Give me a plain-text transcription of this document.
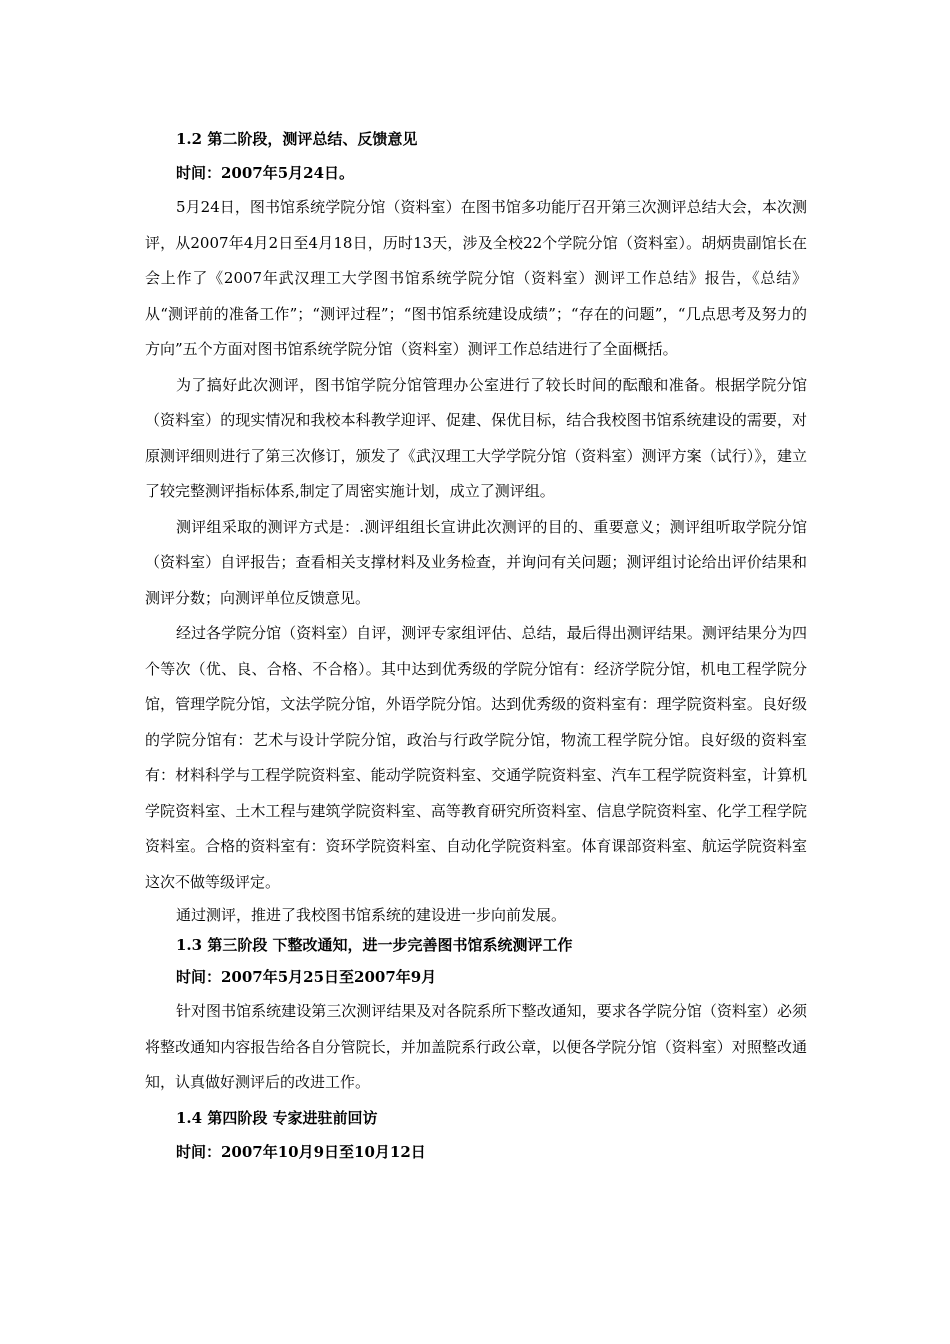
1.2 第二阶段，测评总结、反馈意见

时间：2007年5月24日。

5月24日，图书馆系统学院分馆（资料室）在图书馆多功能厅召开第三次测评总结大会，本次测评，从2007年4月2日至4月18日，历时13天，涉及全校22个学院分馆（资料室）。胡炳贵副馆长在会上作了《2007年武汉理工大学图书馆系统学院分馆（资料室）测评工作总结》报告，《总结》从“测评前的准备工作”；“测评过程”；“图书馆系统建设成绩”；“存在的问题”，“几点思考及努力的方向”五个方面对图书馆系统学院分馆（资料室）测评工作总结进行了全面概括。

为了搞好此次测评，图书馆学院分馆管理办公室进行了较长时间的酝酿和准备。根据学院分馆（资料室）的现实情况和我校本科教学迎评、促建、保优目标，结合我校图书馆系统建设的需要，对原测评细则进行了第三次修订，颁发了《武汉理工大学学院分馆（资料室）测评方案（试行）》，建立了较完整测评指标体系,制定了周密实施计划，成立了测评组。

测评组采取的测评方式是：.测评组组长宣讲此次测评的目的、重要意义；测评组听取学院分馆（资料室）自评报告；查看相关支撑材料及业务检查，并询问有关问题；测评组讨论给出评价结果和测评分数；向测评单位反馈意见。

经过各学院分馆（资料室）自评，测评专家组评估、总结，最后得出测评结果。测评结果分为四个等次（优、良、合格、不合格）。其中达到优秀级的学院分馆有：经济学院分馆，机电工程学院分馆，管理学院分馆，文法学院分馆，外语学院分馆。达到优秀级的资料室有：理学院资料室。良好级的学院分馆有：艺术与设计学院分馆，政治与行政学院分馆，物流工程学院分馆。良好级的资料室有：材料科学与工程学院资料室、能动学院资料室、交通学院资料室、汽车工程学院资料室，计算机学院资料室、土木工程与建筑学院资料室、高等教育研究所资料室、信息学院资料室、化学工程学院资料室。合格的资料室有：资环学院资料室、自动化学院资料室。体育课部资料室、航运学院资料室这次不做等级评定。

通过测评，推进了我校图书馆系统的建设进一步向前发展。

1.3 第三阶段 下整改通知，进一步完善图书馆系统测评工作

时间：2007年5月25日至2007年9月

针对图书馆系统建设第三次测评结果及对各院系所下整改通知，要求各学院分馆（资料室）必须将整改通知内容报告给各自分管院长，并加盖院系行政公章，以便各学院分馆（资料室）对照整改通知，认真做好测评后的改进工作。

1.4 第四阶段 专家进驻前回访

时间：2007年10月9日至10月12日
